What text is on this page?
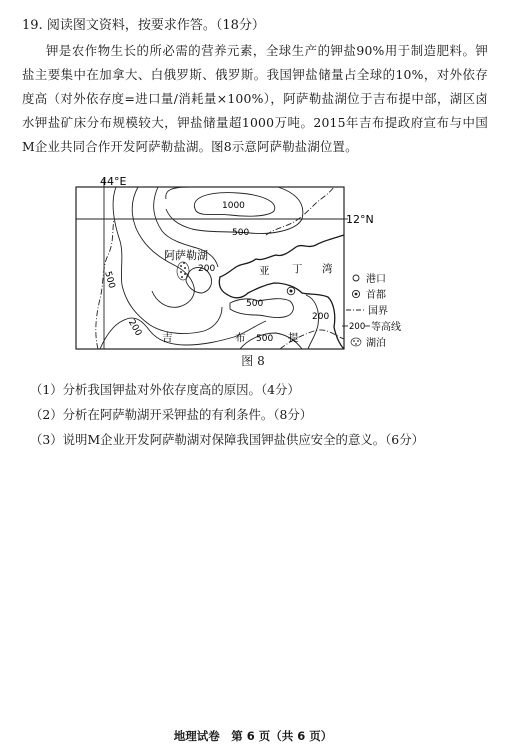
19. 阅读图文资料，按要求作答。（18分）
钾是农作物生长的所必需的营养元素，全球生产的钾盐90%用于制造肥料。钾盐主要集中在加拿大、白俄罗斯、俄罗斯。我国钾盐储量占全球的10%，对外依存度高（对外依存度=进口量/消耗量×100%），阿萨勒盐湖位于吉布提中部，湖区卤水钾盐矿床分布规模较大，钾盐储量超1000万吨。2015年吉布提政府宣布与中国M企业共同合作开发阿萨勒盐湖。图8示意阿萨勒盐湖位置。
44°E
12°N
阿萨勒湖
亚 丁 湾
吉	布	提
1000
500
500
200
200
200
500
500
港口
首都
国界
200 等高线
湖泊
图 8
（1）分析我国钾盐对外依存度高的原因。（4分）
（2）分析在阿萨勒湖开采钾盐的有利条件。（8分）
（3）说明M企业开发阿萨勒湖对保障我国钾盐供应安全的意义。（6分）
地理试卷　第 6 页（共 6 页）
